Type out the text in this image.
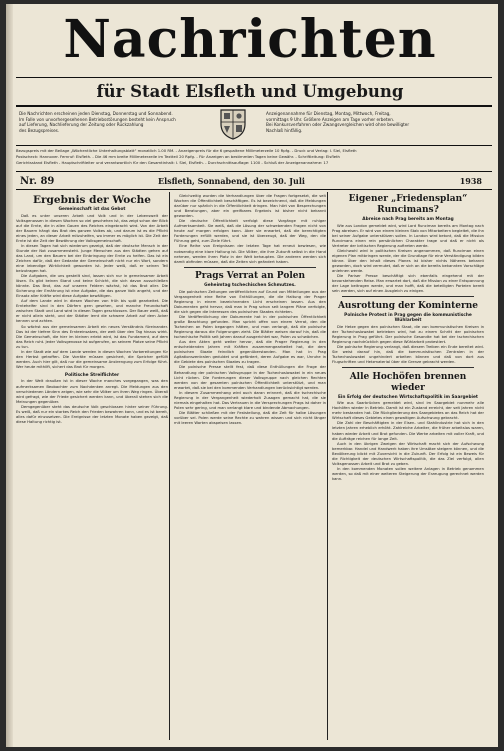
Nachrichten
für Stadt Elsfleth und Umgebung
Die Nachrichten erscheinen jeden Dienstag, Donnerstag und Sonnabend.
Im Falle von unvorhergesehenen Betriebsstörungen besteht kein Anspruch
auf Lieferung, Nachlieferung der Zeitung oder Rückzahlung
des Bezugspreises.
Anzeigenannahme für Dienstag, Montag, Mittwoch, Freitag,
vormittags 9 Uhr. Größere Anzeigen am Tage vorher erbeten.
Bei Konkursverfahren oder Zwangsvergleichen wird ohne bewilligter
Nachlaß hinfällig.
Bezugspreis mit der Beilage „Wöchentliche Unterhaltungsblatt“ monatlich 1.00 RM. - Anzeigenpreis für die 6 gespaltene Millimeterzeile 10 Rpfg. - Druck und Verlag: I. Siel, Elsfleth
Postscheck: Hannover. Fernruf: Elsfleth. - Die 46 mm breite Millimeterzeile im Textteil 20 Rpfg. - Für Anzeigen an bestimmten Tagen keine Gewähr. - Schriftleitung: Elsfleth
Gerichtsstand Elsfleth - Hauptschriftleiter und verantwortlich für den Gesamtinhalt: I. Siel, Elsfleth. - Durchschnittsauflage: 1100 - Schluß der Anzeigenannahme: 17
Nr. 89	Elsfleth, Sonnabend, den 30. Juli	1938
Ergebnis der Woche
Gemeinschaft ist das Gebot

Daß es unter unseren Arbeit und Volk und in der Lebenswelt der Volksgenossen in diesen Wochen so viel geschehen ist, das zeigt schon der Blick auf die Ernte, die in allen Gauen des Reiches eingebracht wird. Von der Arbeit der Bauern hängt das Brot des ganzen Volkes ab, und darum ist es die Pflicht eines jeden, an dieser Arbeit mitzuhelfen, wo immer es möglich ist. Die Zeit der Ernte ist die Zeit der Bewährung der Volksgemeinschaft.

In diesen Tagen hat sich wiederum gezeigt, daß der deutsche Mensch in der Stunde der Not zusammensteht. Junge Menschen aus den Städten gehen auf das Land, um den Bauern bei der Einbringung der Ernte zu helfen. Das ist ein Zeichen dafür, daß der Gedanke der Gemeinschaft nicht nur ein Wort, sondern eine lebendige Wirklichkeit geworden ist. Jeder weiß, daß er seinen Teil beizutragen hat.

Die Aufgaben, die uns gestellt sind, lassen sich nur in gemeinsamer Arbeit lösen. Es gibt keinen Stand und keine Schicht, die sich davon ausschließen könnte. Das Brot, das auf unseren Feldern wächst, ist das Brot aller. Die Sicherung der Ernährung ist eine Aufgabe, die das ganze Volk angeht, und der Einsatz aller Kräfte wird diese Aufgabe bewältigen.

Auf dem Lande wird in diesen Wochen von früh bis spät gearbeitet. Die Erntehelfer sind in den Dörfern gern gesehen, und manche Freundschaft zwischen Stadt und Land wird in diesen Tagen geschlossen. Der Bauer weiß, daß er nicht allein steht, und der Städter lernt die schwere Arbeit auf dem Acker kennen und achten.

So wächst aus der gemeinsamen Arbeit ein neues Verständnis füreinander. Das ist der tiefere Sinn des Ernteeinsatzes, der weit über den Tag hinaus wirkt. Die Gemeinschaft, die hier im kleinen erlebt wird, ist das Fundament, auf dem das Reich ruht. Jeder Volksgenosse ist aufgerufen, an seinem Platze seine Pflicht zu tun.

In der Stadt wie auf dem Lande werden in diesen Wochen Vorbereitungen für den Herbst getroffen. Die Vorräte müssen gesichert, die Speicher gefüllt werden. Auch hier gilt, daß nur die gemeinsame Anstrengung zum Erfolge führt. Wer heute mithilft, sichert das Brot für morgen.

Politische Streiflichter

In der Welt draußen ist in dieser Woche manches vorgegangen, was den aufmerksamen Beobachter zum Nachdenken anregt. Die Meldungen aus den verschiedenen Ländern zeigen, wie sehr die Völker um ihren Weg ringen. Überall wird gefragt, wie der Friede gesichert werden kann, und überall stehen sich die Meinungen gegenüber.

Demgegenüber steht das deutsche Volk geschlossen hinter seiner Führung. Es weiß, daß nur ein starkes Reich den Frieden bewahren kann, und es ist bereit, alles dafür einzusetzen. Die Ereignisse der letzten Monate haben gezeigt, daß diese Haltung richtig ist.

Gleichzeitig wurden die Verhandlungen über die Fragen fortgesetzt, die seit Wochen die Öffentlichkeit beschäftigen. Es ist bezeichnend, daß die Meldungen darüber nur spärlich in die Öffentlichkeit dringen. Man hört von Besprechungen und Beratungen, aber ein greifbares Ergebnis ist bisher nicht bekannt geworden.

Die deutsche Öffentlichkeit verfolgt diese Vorgänge mit ruhiger Aufmerksamkeit. Sie weiß, daß die Lösung der schwebenden Fragen nicht von heute auf morgen erfolgen kann. Aber sie erwartet, daß die berechtigten Forderungen erfüllt werden, und sie ist überzeugt, daß der Weg, den die Führung geht, zum Ziele führt.

Eine Reihe von Ereignissen der letzten Tage hat erneut bewiesen, wie notwendig eine klare Haltung ist. Die Völker, die ihre Zukunft selbst in die Hand nehmen, werden ihren Platz in der Welt behaupten. Die anderen werden sich damit abfinden müssen, daß die Zeiten sich geändert haben.

Prags Verrat an Polen
Geheimtag tschechischen Schmutzes.

Die polnischen Zeitungen veröffentlichen auf Grund von Mitteilungen aus der Vergangenheit eine Reihe von Enthüllungen, die die Haltung der Prager Regierung in einem bezeichnenden Licht erscheinen lassen. Aus den Dokumenten geht hervor, daß man in Prag schon seit langem Pläne verfolgte, die sich gegen die Interessen des polnischen Staates richteten.

Die Veröffentlichung der Dokumente hat in der polnischen Öffentlichkeit große Beachtung gefunden. Man spricht offen von einem Verrat, den die Tschechen an Polen begangen hätten, und man verlangt, daß die polnische Regierung daraus die Folgerungen zieht. Die Blätter weisen darauf hin, daß die tschechische Politik seit Jahren darauf ausgerichtet war, Polen zu schwächen.

Aus den Akten geht weiter hervor, daß die Prager Regierung in den entscheidenden Jahren mit Kräften zusammengearbeitet hat, die dem polnischen Staate feindlich gegenüberstanden. Man hat in Prag Agitationszentralen geduldet und gefördert, deren Aufgabe es war, Unruhe in die Gebiete des polnischen Staates zu tragen.

Die polnische Presse stellt fest, daß diese Enthüllungen die Frage der Behandlung der polnischen Volksgruppe in der Tschechoslowakei in ein neues Licht rücken. Die Forderungen dieser Volksgruppe nach gleichen Rechten werden von der gesamten polnischen Öffentlichkeit unterstützt, und man erwartet, daß sie bei den kommenden Verhandlungen berücksichtigt werden.

In diesem Zusammenhang wird auch daran erinnert, daß die tschechische Regierung in der Vergangenheit wiederholt Zusagen gemacht hat, die sie niemals eingehalten hat. Das Vertrauen in die Versprechungen Prags ist daher in Polen sehr gering, und man verlangt klare und bindende Abmachungen.

Die Blätter schließen mit der Feststellung, daß die Zeit für halbe Lösungen vorüber sei. Polen werde seine Rechte zu wahren wissen und sich nicht länger mit leeren Worten abspeisen lassen.

Eigener „Friedensplan“ Runcimans?
Abreise nach Prag bereits am Montag

Wie aus London gemeldet wird, wird Lord Runciman bereits am Montag nach Prag abreisen. Er wird von einem kleinen Stab von Mitarbeitern begleitet, die ihn bei seiner Aufgabe unterstützen sollen. In London wird betont, daß die Mission Runcimans einen rein persönlichen Charakter trage und daß er nicht als Vertreter der britischen Regierung auftreten werde.

Gleichwohl wird in politischen Kreisen angenommen, daß Runciman einen eigenen Plan mitbringen werde, der die Grundlage für eine Verständigung bilden könne. Über den Inhalt dieses Planes ist bisher nichts Näheres bekannt geworden, doch wird vermutet, daß er sich an die bereits bekannten Vorschläge anlehnen werde.

Die Pariser Presse beschäftigt sich ebenfalls eingehend mit der bevorstehenden Reise. Man erwartet dort, daß die Mission zu einer Entspannung der Lage beitragen werde, und man hofft, daß die beteiligten Parteien bereit sein werden, sich auf einen Ausgleich zu einigen.

Ausrottung der Kominterne
Polnische Protest in Prag gegen die kommunistische Wühlarbeit

Die Hetze gegen den polnischen Staat, die von kommunistischen Kreisen in der Tschechoslowakei betrieben wird, hat zu einem Schritt der polnischen Regierung in Prag geführt. Der polnische Gesandte hat bei der tschechischen Regierung nachdrücklich gegen diese Wühlarbeit protestiert.

Die polnische Regierung verlangt, daß diesem Treiben ein Ende bereitet wird. Sie weist darauf hin, daß die kommunistischen Zentralen in der Tschechoslowakei ungehindert arbeiten können und daß von dort aus Flugschriften und Hetzmaterial über die Grenze gebracht werden.

Alle Hochöfen brennen wieder
Ein Erfolg der deutschen Wirtschaftspolitik im Saargebiet

Wie aus Saarbrücken gemeldet wird, sind im Saargebiet nunmehr alle Hochöfen wieder in Betrieb. Damit ist ein Zustand erreicht, der seit Jahren nicht mehr bestanden hat. Die Rückgliederung des Saargebietes an das Reich hat der Wirtschaft dieses Gebietes einen gewaltigen Aufschwung gebracht.

Die Zahl der Beschäftigten in der Eisen- und Stahlindustrie hat sich in den letzten Jahren erheblich erhöht. Zahlreiche Arbeiter, die früher arbeitslos waren, haben wieder Arbeit und Brot gefunden. Die Werke arbeiten mit voller Kraft, und die Aufträge reichen für lange Zeit.

Auch in den übrigen Zweigen der Wirtschaft macht sich der Aufschwung bemerkbar. Handel und Handwerk haben ihre Umsätze steigern können, und die Bevölkerung blickt mit Zuversicht in die Zukunft. Der Erfolg ist ein Beweis für die Richtigkeit der deutschen Wirtschaftspolitik, die das Ziel verfolgt, allen Volksgenossen Arbeit und Brot zu geben.

In den kommenden Monaten sollen weitere Anlagen in Betrieb genommen werden, so daß mit einer weiteren Steigerung der Erzeugung gerechnet werden kann.
